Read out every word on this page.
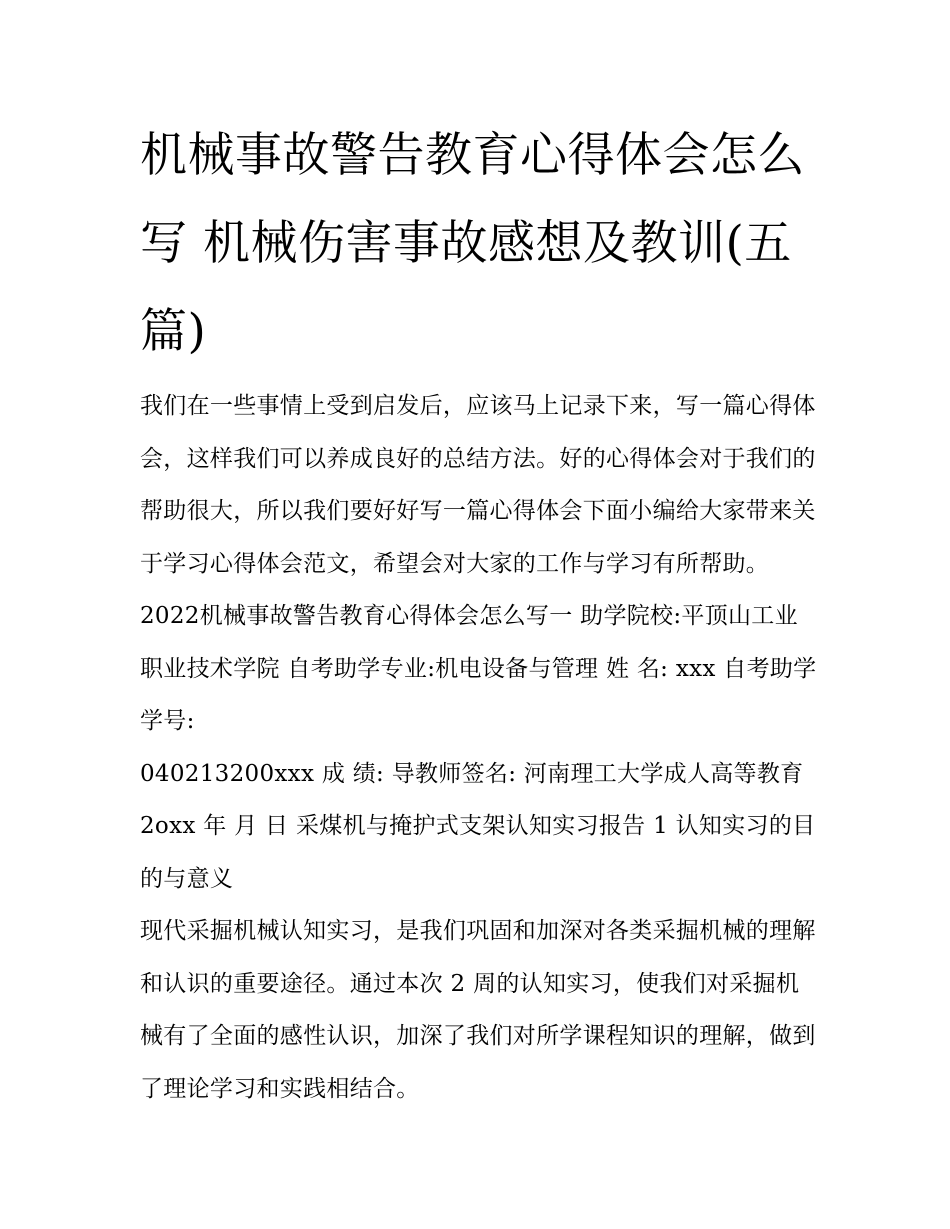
机械事故警告教育心得体会怎么写 机械伤害事故感想及教训(五篇)

我们在一些事情上受到启发后，应该马上记录下来，写一篇心得体会，这样我们可以养成良好的总结方法。好的心得体会对于我们的帮助很大，所以我们要好好写一篇心得体会下面小编给大家带来关于学习心得体会范文，希望会对大家的工作与学习有所帮助。

2022机械事故警告教育心得体会怎么写一 助学院校:平顶山工业职业技术学院 自考助学专业:机电设备与管理 姓 名: xxx 自考助学学号:

040213200xxx 成 绩: 导教师签名: 河南理工大学成人高等教育2oxx 年 月 日 采煤机与掩护式支架认知实习报告 1 认知实习的目的与意义

现代采掘机械认知实习，是我们巩固和加深对各类采掘机械的理解和认识的重要途径。通过本次 2 周的认知实习，使我们对采掘机械有了全面的感性认识，加深了我们对所学课程知识的理解，做到了理论学习和实践相结合。
